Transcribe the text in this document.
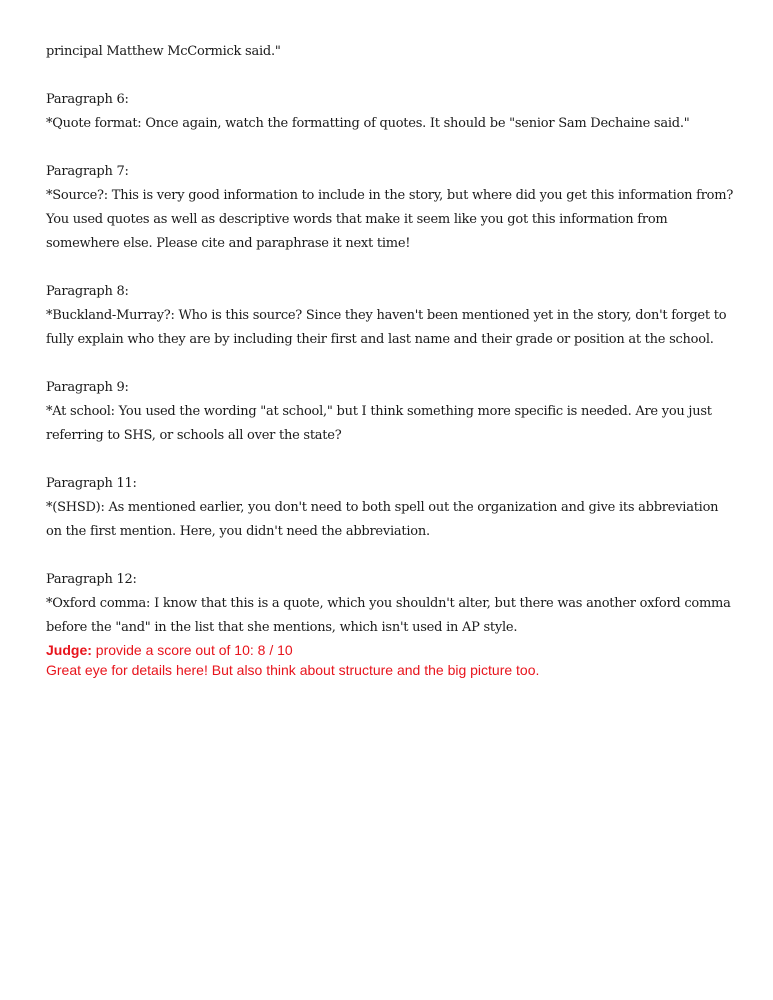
principal Matthew McCormick said."

Paragraph 6:
*Quote format: Once again, watch the formatting of quotes. It should be "senior Sam Dechaine said."
Paragraph 7:
*Source?: This is very good information to include in the story, but where did you get this information from? You used quotes as well as descriptive words that make it seem like you got this information from somewhere else. Please cite and paraphrase it next time!
Paragraph 8:
*Buckland-Murray?: Who is this source? Since they haven't been mentioned yet in the story, don't forget to fully explain who they are by including their first and last name and their grade or position at the school.
Paragraph 9:
*At school: You used the wording "at school," but I think something more specific is needed. Are you just referring to SHS, or schools all over the state?
Paragraph 11:
*(SHSD): As mentioned earlier, you don't need to both spell out the organization and give its abbreviation on the first mention. Here, you didn't need the abbreviation.
Paragraph 12:
*Oxford comma: I know that this is a quote, which you shouldn't alter, but there was another oxford comma before the "and" in the list that she mentions, which isn't used in AP style.

Judge: provide a score out of 10: 8 / 10

Great eye for details here! But also think about structure and the big picture too.
